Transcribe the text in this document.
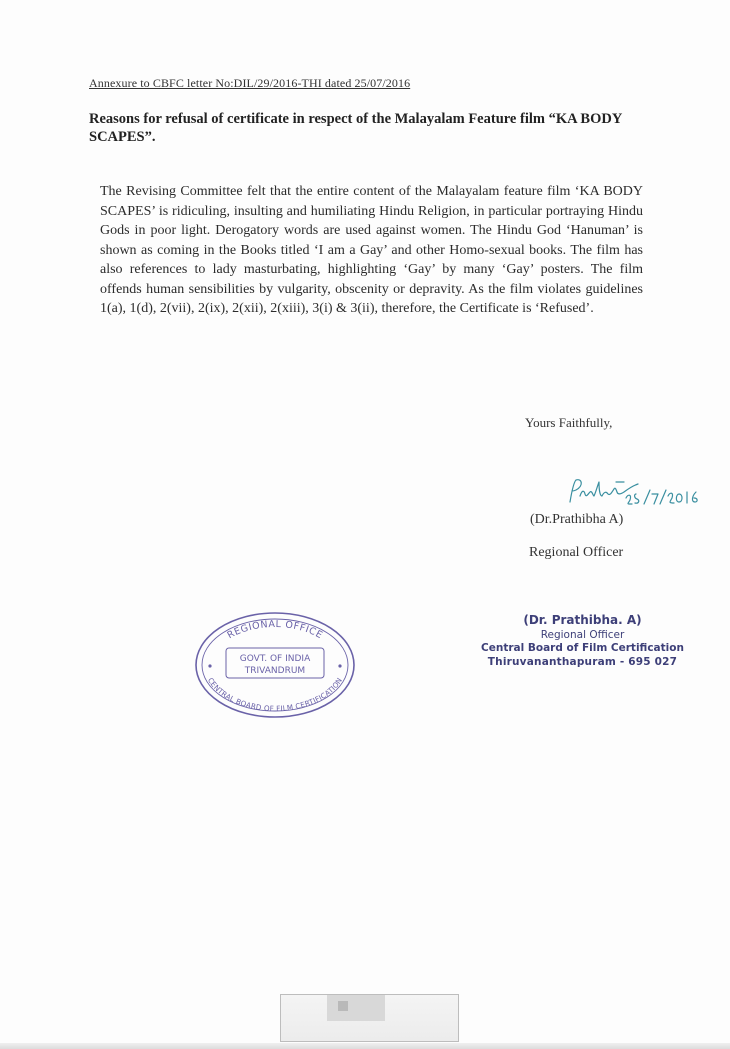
Annexure to CBFC letter No:DIL/29/2016-THI dated 25/07/2016
Reasons for refusal of certificate in respect of the Malayalam Feature film “KA BODY SCAPES”.
The Revising Committee felt that the entire content of the Malayalam feature film ‘KA BODY SCAPES’ is ridiculing, insulting and humiliating Hindu Religion, in particular portraying Hindu Gods in poor light. Derogatory words are used against women. The Hindu God ‘Hanuman’ is shown as coming in the Books titled ‘I am a Gay’ and other Homo-sexual books. The film has also references to lady masturbating, highlighting ‘Gay’ by many ‘Gay’ posters. The film offends human sensibilities by vulgarity, obscenity or depravity. As the film violates guidelines 1(a), 1(d), 2(vii), 2(ix), 2(xii), 2(xiii), 3(i) & 3(ii), therefore, the Certificate is ‘Refused’.
Yours Faithfully,
(Dr.Prathibha A)
Regional Officer
(Dr. Prathibha. A)
Regional Officer
Central Board of Film Certification
Thiruvananthapuram - 695 027
REGIONAL OFFICE
CENTRAL BOARD OF FILM CERTIFICATION
GOVT. OF INDIA
TRIVANDRUM
